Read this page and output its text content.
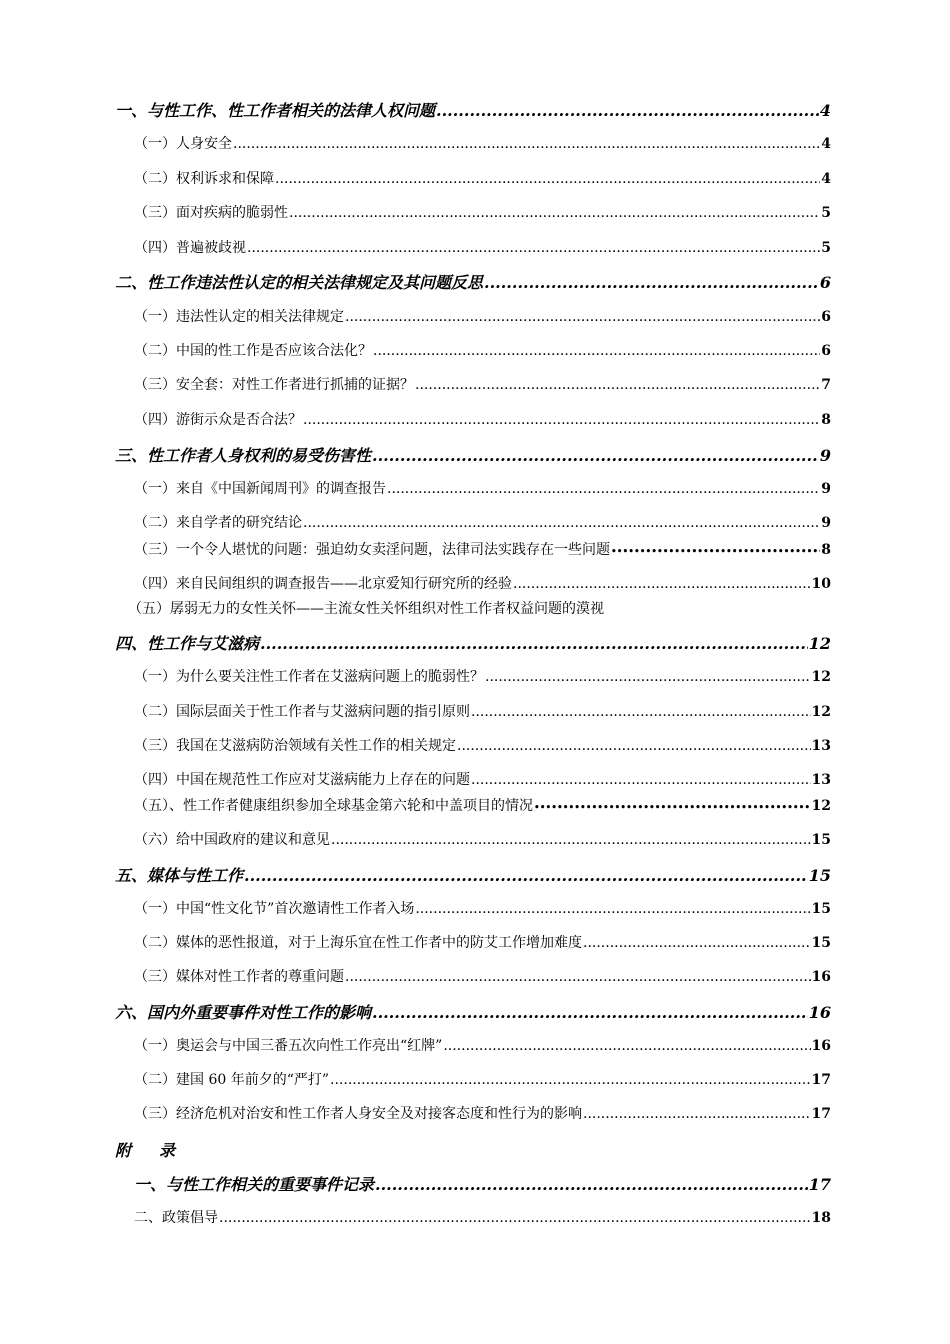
一、与性工作、性工作者相关的法律人权问题 .....	4
（一）人身安全 .....	4
（二）权利诉求和保障 .....	4
（三）面对疾病的脆弱性 .....	5
（四）普遍被歧视 .....	5
二、性工作违法性认定的相关法律规定及其问题反思 .....	6
（一）违法性认定的相关法律规定 .....	6
（二）中国的性工作是否应该合法化？ .....	6
（三）安全套：对性工作者进行抓捕的证据？ .....	7
（四）游街示众是否合法？ .....	8
三、性工作者人身权利的易受伤害性 .....	9
（一）来自《中国新闻周刊》的调查报告 .....	9
（二）来自学者的研究结论 .....	9
（三）一个令人堪忧的问题：强迫幼女卖淫问题，法律司法实践存在一些问题 •••••	8
（四）来自民间组织的调查报告——北京爱知行研究所的经验 .....	10
（五）孱弱无力的女性关怀——主流女性关怀组织对性工作者权益问题的漠视
四、性工作与艾滋病 .....	12
（一）为什么要关注性工作者在艾滋病问题上的脆弱性？ .....	12
（二）国际层面关于性工作者与艾滋病问题的指引原则 .....	12
（三）我国在艾滋病防治领域有关性工作的相关规定 .....	13
（四）中国在规范性工作应对艾滋病能力上存在的问题 .....	13
（五）、性工作者健康组织参加全球基金第六轮和中盖项目的情况 •••••	12
（六）给中国政府的建议和意见 .....	15
五、媒体与性工作 .....	15
（一）中国“性文化节”首次邀请性工作者入场 .....	15
（二）媒体的恶性报道，对于上海乐宜在性工作者中的防艾工作增加难度 .....	15
（三）媒体对性工作者的尊重问题 .....	16
六、国内外重要事件对性工作的影响 .....	16
（一）奥运会与中国三番五次向性工作亮出“红牌” .....	16
（二）建国 60 年前夕的“严打” .....	17
（三）经济危机对治安和性工作者人身安全及对接客态度和性行为的影响 .....	17
附录
一、与性工作相关的重要事件记录 .....	17
二、政策倡导 .....	18
